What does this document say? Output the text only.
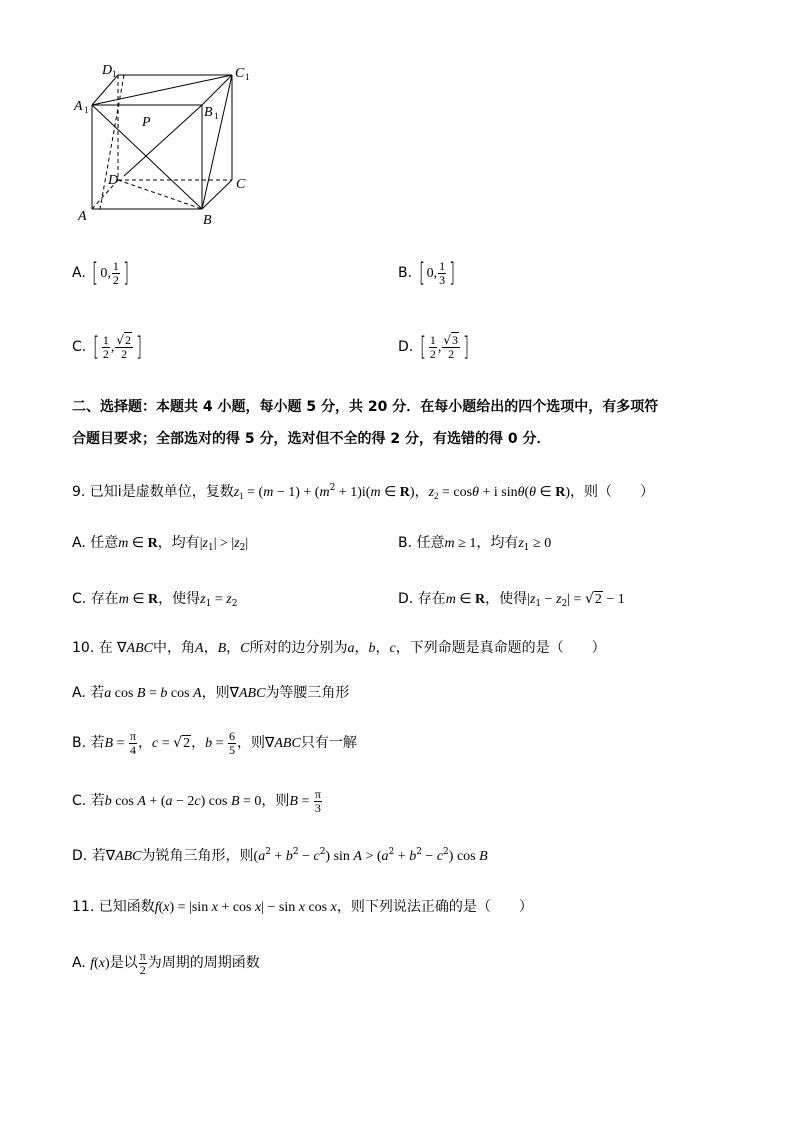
D 1	C 1
A 1	B 1
P
D	C
A	B
A. [ 0, $\frac{1}{2}$ ]	B. [ 0, $\frac{1}{3}$ ]
C. [ $\frac{1}{2}$ , $\frac{√2}{2}$ ]	D. [ $\frac{1}{2}$ , $\frac{√3}{2}$ ]
二、选择题：本题共 4 小题，每小题 5 分，共 20 分．在每小题给出的四个选项中，有多项符
合题目要求；全部选对的得 5 分，选对但不全的得 2 分，有选错的得 0 分．
9. 已知i是虚数单位，复数$z_1 = (m - 1) + (m^2 + 1)i(m$ ∈ R)，$z_2 = \cos\theta + i$ sinθ(θ ∈ R)，则（　　）
A. 任意m ∈ R，均有$|z_1| > |z_2|$	B. 任意m ≥ 1，均有$z_1 \ge 0$
C. 存在m ∈ R，使得$z_1 = z_2$	D. 存在m ∈ R，使得$|z_1 - z_2| = √2 - 1$
10. 在 ∇ABC中，角A，B，C所对的边分别为a，b，c，下列命题是真命题的是（　　）
A. 若a cos B = b cos A，则∇ABC为等腰三角形
B. 若$B = \frac{\pi}{4}$ ，c = √2，$b = \frac{6}{5}$ ，则∇ABC只有一解
C. 若b cos A + (a − 2c) cos B = 0，则$B = \frac{\pi}{3}$
D. 若∇ABC为锐角三角形，则$(a^2 + b^2 - c^2)$ $\sin A > (a^2 + b^2 - c^2)$ cos B
11. 已知函数f(x) = |sin x + cos x| − sin x cos x，则下列说法正确的是（　　）
A. f(x)是以 $\frac{\pi}{2}$ 为周期的周期函数
